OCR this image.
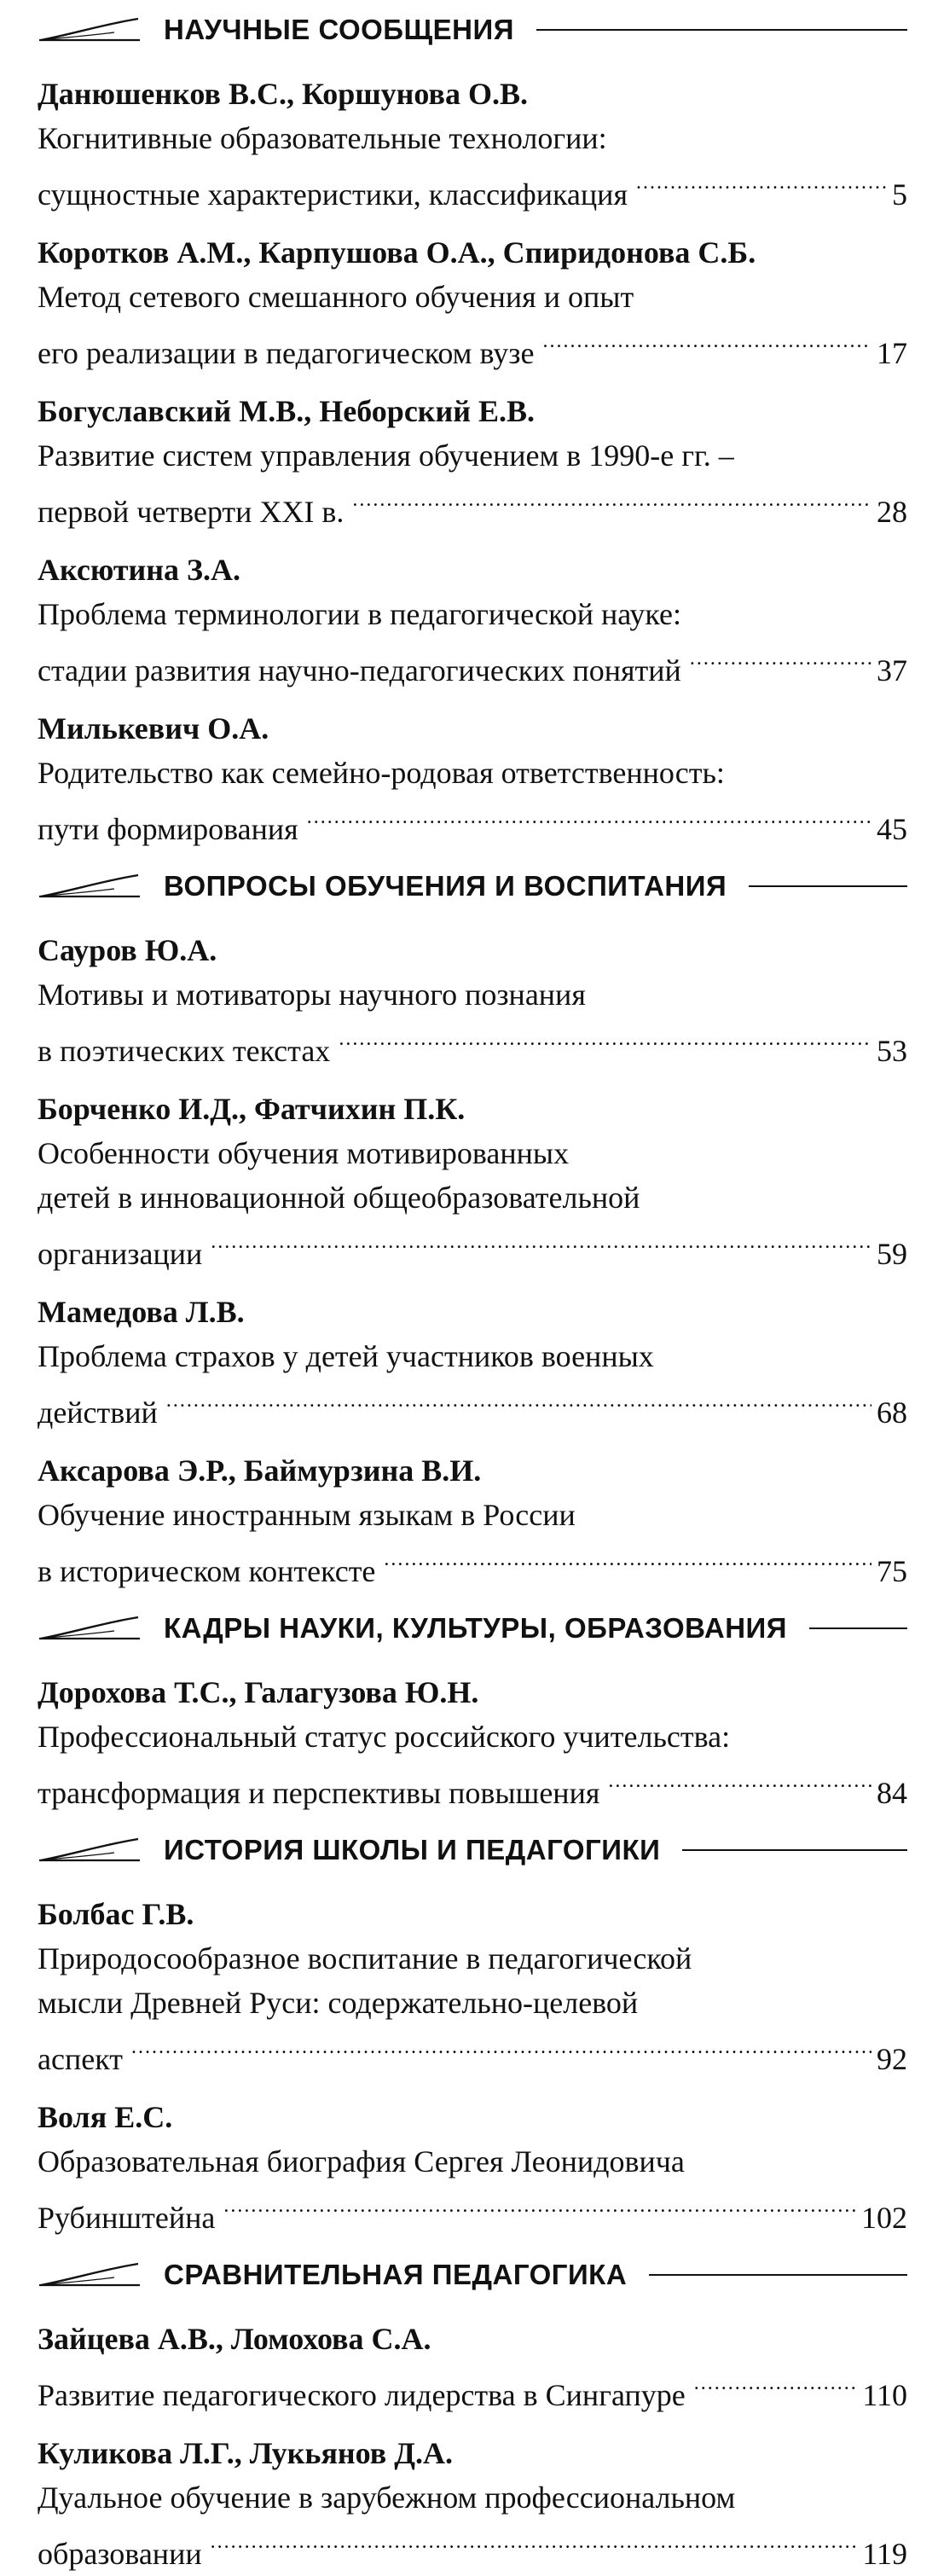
НАУЧНЫЕ СООБЩЕНИЯ
Данюшенков В.С., Коршунова О.В.
Когнитивные образовательные технологии:
сущностные характеристики, классификация .....	5
Коротков А.М., Карпушова О.А., Спиридонова С.Б.
Метод сетевого смешанного обучения и опыт
его реализации в педагогическом вузе .....	17
Богуславский М.В., Неборский Е.В.
Развитие систем управления обучением в 1990-е гг. –
первой четверти XXI в. .....	28
Аксютина З.А.
Проблема терминологии в педагогической науке:
стадии развития научно-педагогических понятий .....	37
Милькевич О.А.
Родительство как семейно-родовая ответственность:
пути формирования .....	45
ВОПРОСЫ ОБУЧЕНИЯ И ВОСПИТАНИЯ
Сауров Ю.А.
Мотивы и мотиваторы научного познания
в поэтических текстах .....	53
Борченко И.Д., Фатчихин П.К.
Особенности обучения мотивированных
детей в инновационной общеобразовательной
организации .....	59
Мамедова Л.В.
Проблема страхов у детей участников военных
действий .....	68
Аксарова Э.Р., Баймурзина В.И.
Обучение иностранным языкам в России
в историческом контексте .....	75
КАДРЫ НАУКИ, КУЛЬТУРЫ, ОБРАЗОВАНИЯ
Дорохова Т.С., Галагузова Ю.Н.
Профессиональный статус российского учительства:
трансформация и перспективы повышения .....	84
ИСТОРИЯ ШКОЛЫ И ПЕДАГОГИКИ
Болбас Г.В.
Природосообразное воспитание в педагогической
мысли Древней Руси: содержательно-целевой
аспект .....	92
Воля Е.С.
Образовательная биография Сергея Леонидовича
Рубинштейна .....	102
СРАВНИТЕЛЬНАЯ ПЕДАГОГИКА
Зайцева А.В., Ломохова С.А.
Развитие педагогического лидерства в Сингапуре .....	110
Куликова Л.Г., Лукьянов Д.А.
Дуальное обучение в зарубежном профессиональном
образовании .....	119
